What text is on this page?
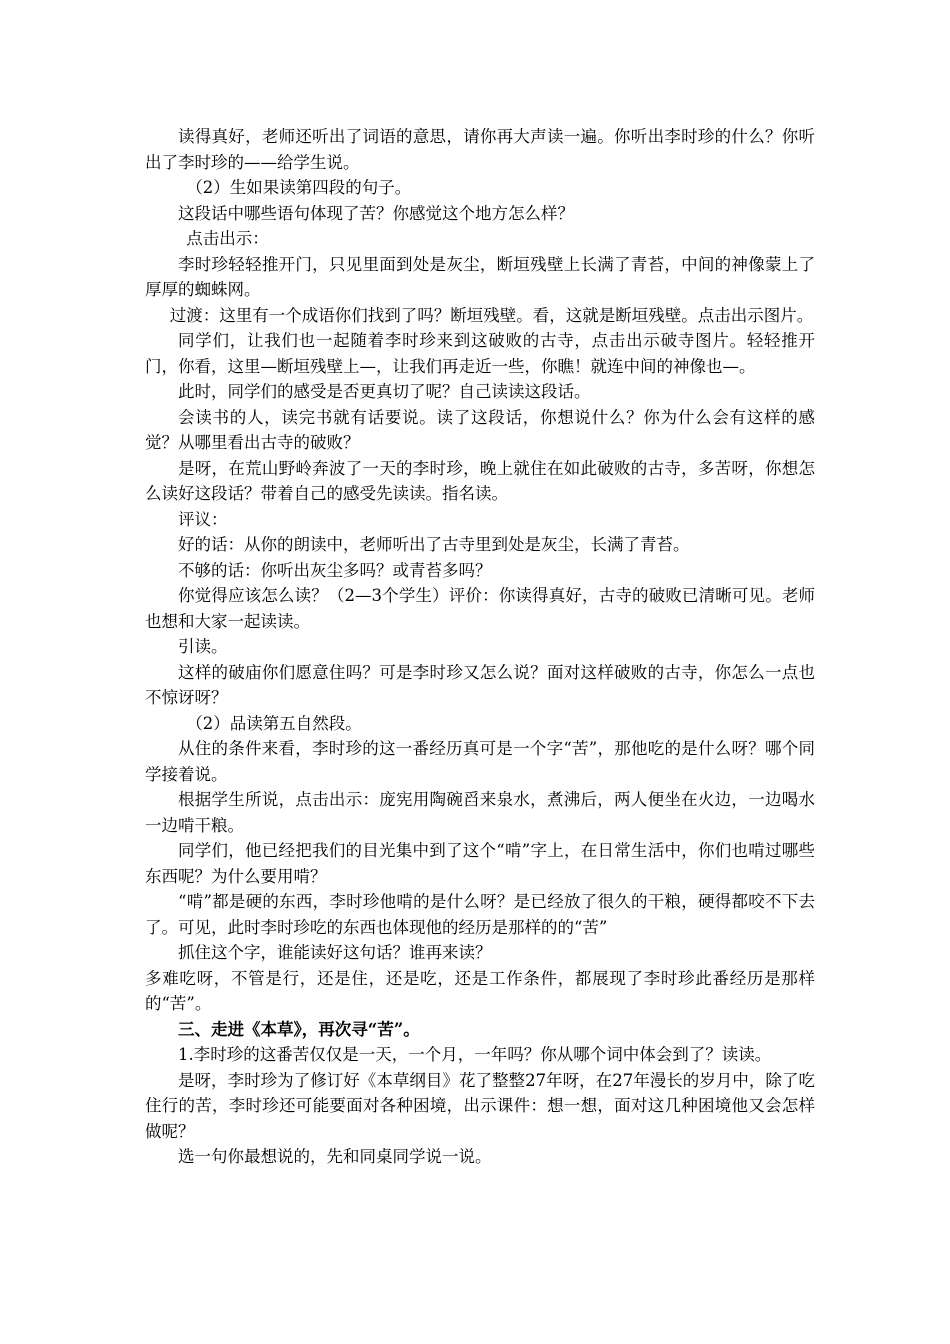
读得真好，老师还听出了词语的意思，请你再大声读一遍。你听出李时珍的什么？你听出了李时珍的——给学生说。

（2）生如果读第四段的句子。

这段话中哪些语句体现了苦？你感觉这个地方怎么样？

点击出示：

李时珍轻轻推开门，只见里面到处是灰尘，断垣残壁上长满了青苔，中间的神像蒙上了厚厚的蜘蛛网。

过渡：这里有一个成语你们找到了吗？断垣残壁。看，这就是断垣残壁。点击出示图片。

同学们，让我们也一起随着李时珍来到这破败的古寺，点击出示破寺图片。轻轻推开门，你看，这里—断垣残壁上—，让我们再走近一些，你瞧！就连中间的神像也—。

此时，同学们的感受是否更真切了呢？自己读读这段话。

会读书的人，读完书就有话要说。读了这段话，你想说什么？你为什么会有这样的感觉？从哪里看出古寺的破败？

是呀，在荒山野岭奔波了一天的李时珍，晚上就住在如此破败的古寺，多苦呀，你想怎么读好这段话？带着自己的感受先读读。指名读。

评议：

好的话：从你的朗读中，老师听出了古寺里到处是灰尘，长满了青苔。

不够的话：你听出灰尘多吗？或青苔多吗？

你觉得应该怎么读？（2—3个学生）评价：你读得真好，古寺的破败已清晰可见。老师也想和大家一起读读。

引读。

这样的破庙你们愿意住吗？可是李时珍又怎么说？面对这样破败的古寺，你怎么一点也不惊讶呀？

（2）品读第五自然段。

从住的条件来看，李时珍的这一番经历真可是一个字“苦”，那他吃的是什么呀？哪个同学接着说。

根据学生所说，点击出示：庞宪用陶碗舀来泉水，煮沸后，两人便坐在火边，一边喝水一边啃干粮。

同学们，他已经把我们的目光集中到了这个“啃”字上，在日常生活中，你们也啃过哪些东西呢？为什么要用啃？

“啃”都是硬的东西，李时珍他啃的是什么呀？是已经放了很久的干粮，硬得都咬不下去了。可见，此时李时珍吃的东西也体现他的经历是那样的的“苦”

抓住这个字，谁能读好这句话？谁再来读？

多难吃呀，不管是行，还是住，还是吃，还是工作条件，都展现了李时珍此番经历是那样的“苦”。

三、走进《本草》，再次寻“苦”。

1.李时珍的这番苦仅仅是一天，一个月，一年吗？你从哪个词中体会到了？读读。

是呀，李时珍为了修订好《本草纲目》花了整整27年呀，在27年漫长的岁月中，除了吃住行的苦，李时珍还可能要面对各种困境，出示课件：想一想，面对这几种困境他又会怎样做呢？

选一句你最想说的，先和同桌同学说一说。
